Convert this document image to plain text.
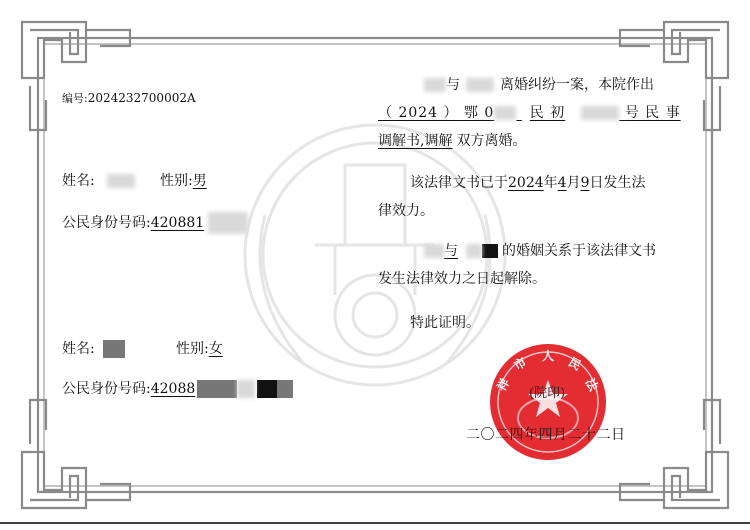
编号:2024232700002A
姓名:	性别:男
公民身份号码:420881
姓名:	性别:女
公民身份号码:42088
与	离婚纠纷一案，本院作出
（ 2024 ） 鄂 0	民 初	号 民 事
调解书,调解 双方离婚。
该法律文书已于2024年4月9日发生法
律效力。
与	的婚姻关系于该法律文书
发生法律效力之日起解除。
特此证明。
祥
市 人 民
法
(院印)
二〇二四年四月二十二日
